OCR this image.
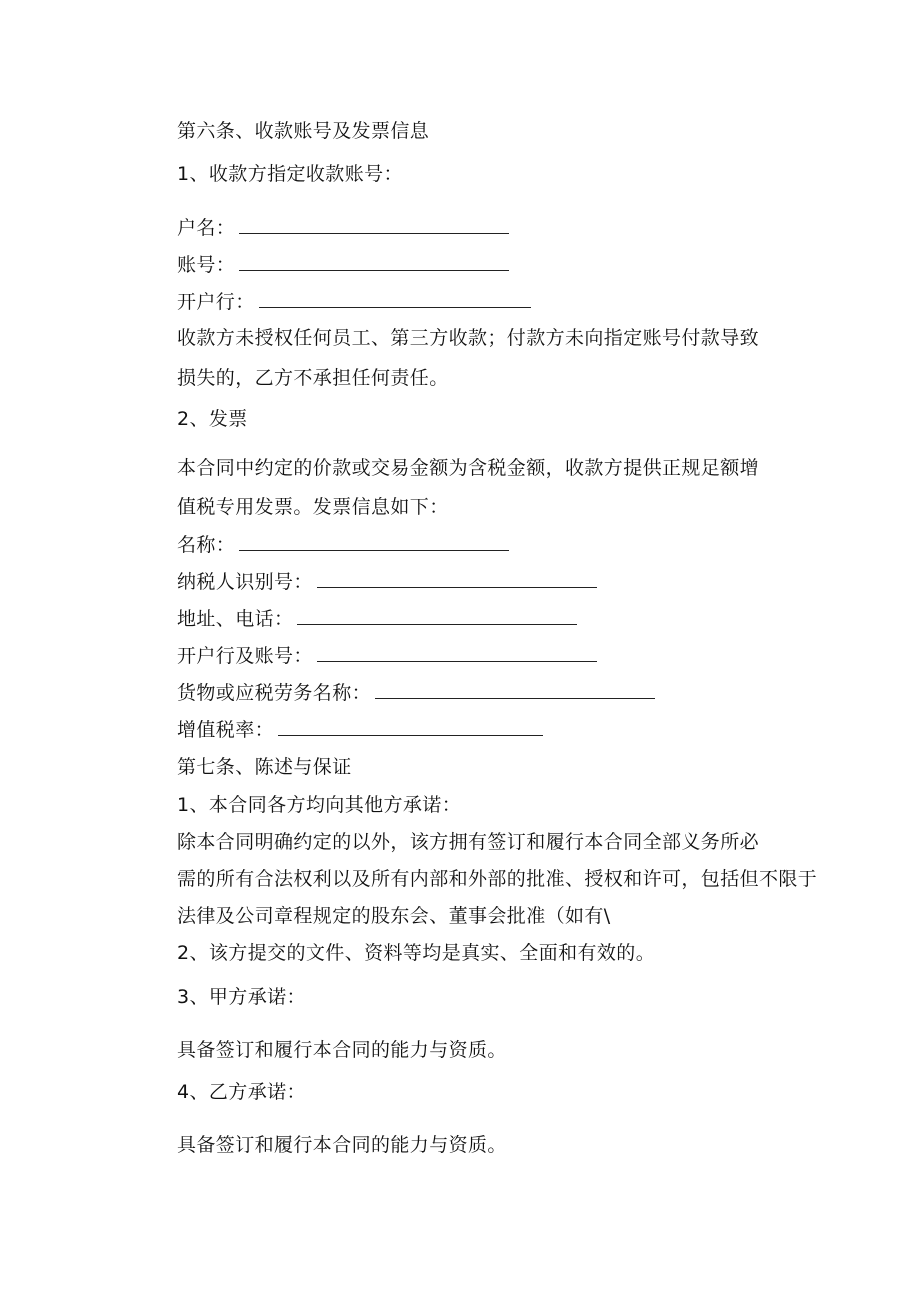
第六条、收款账号及发票信息
1、收款方指定收款账号：
户名：
账号：
开户行：
收款方未授权任何员工、第三方收款；付款方未向指定账号付款导致
损失的，乙方不承担任何责任。
2、发票
本合同中约定的价款或交易金额为含税金额，收款方提供正规足额增
值税专用发票。发票信息如下：
名称：
纳税人识别号：
地址、电话：
开户行及账号：
货物或应税劳务名称：
增值税率：
第七条、陈述与保证
1、本合同各方均向其他方承诺：
除本合同明确约定的以外，该方拥有签订和履行本合同全部义务所必
需的所有合法权利以及所有内部和外部的批准、授权和许可，包括但不限于
法律及公司章程规定的股东会、董事会批准（如有\
2、该方提交的文件、资料等均是真实、全面和有效的。
3、甲方承诺：
具备签订和履行本合同的能力与资质。
4、乙方承诺：
具备签订和履行本合同的能力与资质。
